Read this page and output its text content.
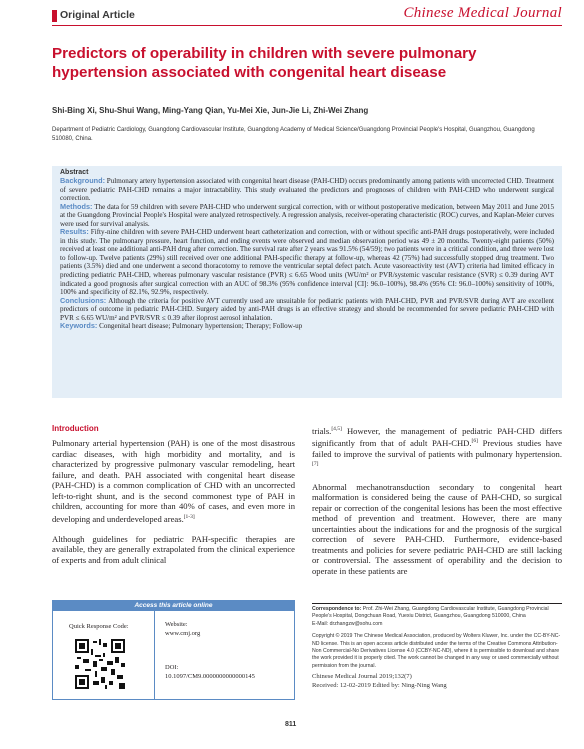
Original Article	Chinese Medical Journal
Predictors of operability in children with severe pulmonary hypertension associated with congenital heart disease
Shi-Bing Xi, Shu-Shui Wang, Ming-Yang Qian, Yu-Mei Xie, Jun-Jie Li, Zhi-Wei Zhang
Department of Pediatric Cardiology, Guangdong Cardiovascular Institute, Guangdong Academy of Medical Science/Guangdong Provincial People's Hospital, Guangzhou, Guangdong 510080, China.
Abstract

Background: Pulmonary artery hypertension associated with congenital heart disease (PAH-CHD) occurs predominantly among patients with uncorrected CHD. Treatment of severe pediatric PAH-CHD remains a major intractability. This study evaluated the predictors and prognoses of children with PAH-CHD who underwent surgical correction.

Methods: The data for 59 children with severe PAH-CHD who underwent surgical correction, with or without postoperative medication, between May 2011 and June 2015 at the Guangdong Provincial People's Hospital were analyzed retrospectively. A regression analysis, receiver-operating characteristic (ROC) curves, and Kaplan-Meier curves were used for survival analysis.

Results: Fifty-nine children with severe PAH-CHD underwent heart catheterization and correction, with or without specific anti-PAH drugs postoperatively, were included in this study. The pulmonary pressure, heart function, and ending events were observed and median observation period was 49 ± 20 months. Twenty-eight patients (50%) received at least one additional anti-PAH drug after correction. The survival rate after 2 years was 91.5% (54/59); two patients were in a critical condition, and three were lost to follow-up. Twelve patients (29%) still received over one additional PAH-specific therapy at follow-up, whereas 42 (75%) had successfully stopped drug treatment. Two patients (3.5%) died and one underwent a second thoracotomy to remove the ventricular septal defect patch. Acute vasoreactivity test (AVT) criteria had limited efficacy in predicting pediatric PAH-CHD, whereas pulmonary vascular resistance (PVR) ≤ 6.65 Wood units (WU/m² or PVR/systemic vascular resistance (SVR) ≤ 0.39 during AVT indicated a good prognosis after surgical correction with an AUC of 98.3% (95% confidence interval [CI]: 96.0–100%), 98.4% (95% CI: 96.0–100%) sensitivity of 100%, 100% and specificity of 82.1%, 92.9%, respectively.

Conclusions: Although the criteria for positive AVT currently used are unsuitable for pediatric patients with PAH-CHD, PVR and PVR/SVR during AVT are excellent predictors of outcome in pediatric PAH-CHD. Surgery aided by anti-PAH drugs is an effective strategy and should be recommended for severe pediatric PAH-CHD with PVR ≤ 6.65 WU/m² and PVR/SVR ≤ 0.39 after iloprost aerosol inhalation.

Keywords: Congenital heart disease; Pulmonary hypertension; Therapy; Follow-up

Introduction

Pulmonary arterial hypertension (PAH) is one of the most disastrous cardiac diseases, with high morbidity and mortality, and is characterized by progressive pulmonary vascular remodeling, heart failure, and death. PAH associated with congenital heart disease (PAH-CHD) is a common complication of CHD with an uncorrected left-to-right shunt, and is the second commonest type of PAH in children, accounting for more than 40% of cases, and even more in developing and underdeveloped areas.[1-3]

Although guidelines for pediatric PAH-specific therapies are available, they are generally extrapolated from the clinical experience of experts and from adult clinical

trials.[4,5] However, the management of pediatric PAH-CHD differs significantly from that of adult PAH-CHD.[6] Previous studies have failed to improve the survival of patients with pulmonary hypertension.[7]

Abnormal mechanotransduction secondary to congenital heart malformation is considered being the cause of PAH-CHD, so surgical repair or correction of the congenital lesions has been the most effective method of prevention and treatment. However, there are many uncertainties about the indications for and the prognosis of the surgical correction of severe PAH-CHD. Furthermore, evidence-based treatments and policies for severe pediatric PAH-CHD are still lacking or controversial. The assessment of operability and the decision to operate in these patients are

Access this article online
Quick Response Code:	Website:
www.cmj.org
DOI:
10.1097/CM9.0000000000000145

Correspondence to: Prof. Zhi-Wei Zhang, Guangdong Cardiovascular Institute, Guangdong Provincial People's Hospital, Dongchuan Road, Yuexiu District, Guangzhou, Guangdong 510000, China

E-Mail: drzhangzw@sohu.com

Copyright © 2019 The Chinese Medical Association, produced by Wolters Kluwer, Inc. under the CC-BY-NC-ND license. This is an open access article distributed under the terms of the Creative Commons Attribution-Non Commercial-No Derivatives License 4.0 (CCBY-NC-ND), where it is permissible to download and share the work provided it is properly cited. The work cannot be changed in any way or used commercially without permission from the journal.

Chinese Medical Journal 2019;132(7)

Received: 12-02-2019 Edited by: Ning-Ning Wang

811
